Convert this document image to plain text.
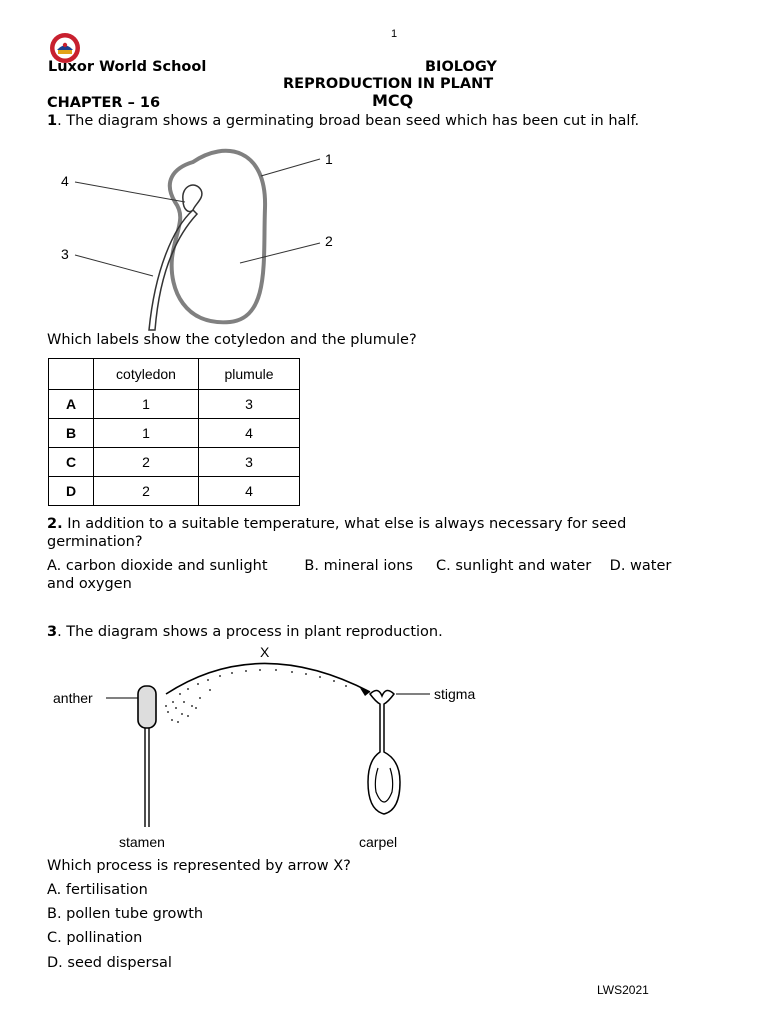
1
Luxor World School	BIOLOGY
REPRODUCTION IN PLANT
CHAPTER – 16	MCQ
1. The diagram shows a germinating broad bean seed which has been cut in half.
1
2
3
4
Which labels show the cotyledon and the plumule?
	cotyledon	plumule
A	1	3
B	1	4
C	2	3
D	2	4
2. In addition to a suitable temperature, what else is always necessary for seed
germination?
A. carbon dioxide and sunlight        B. mineral ions     C. sunlight and water    D. water
and oxygen
3. The diagram shows a process in plant reproduction.
X
anther
stamen
stigma
carpel
Which process is represented by arrow X?
A. fertilisation
B. pollen tube growth
C. pollination
D. seed dispersal
LWS2021
